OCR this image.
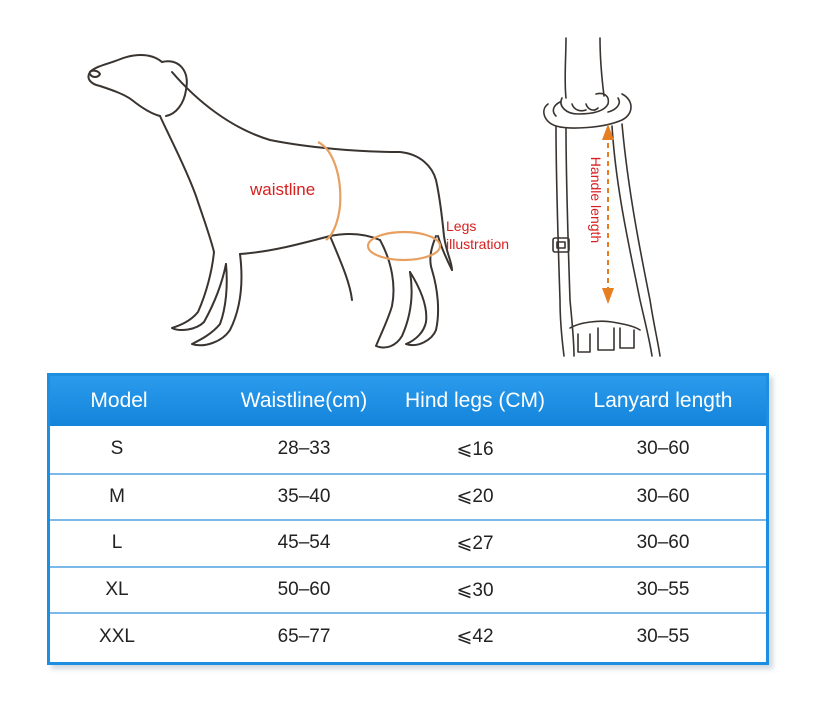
waistline
Legs
illustration
Handle length
Model	Waistline(cm)	Hind legs (CM)	Lanyard length
S	28–33	⩽16	30–60
M	35–40	⩽20	30–60
L	45–54	⩽27	30–60
XL	50–60	⩽30	30–55
XXL	65–77	⩽42	30–55
